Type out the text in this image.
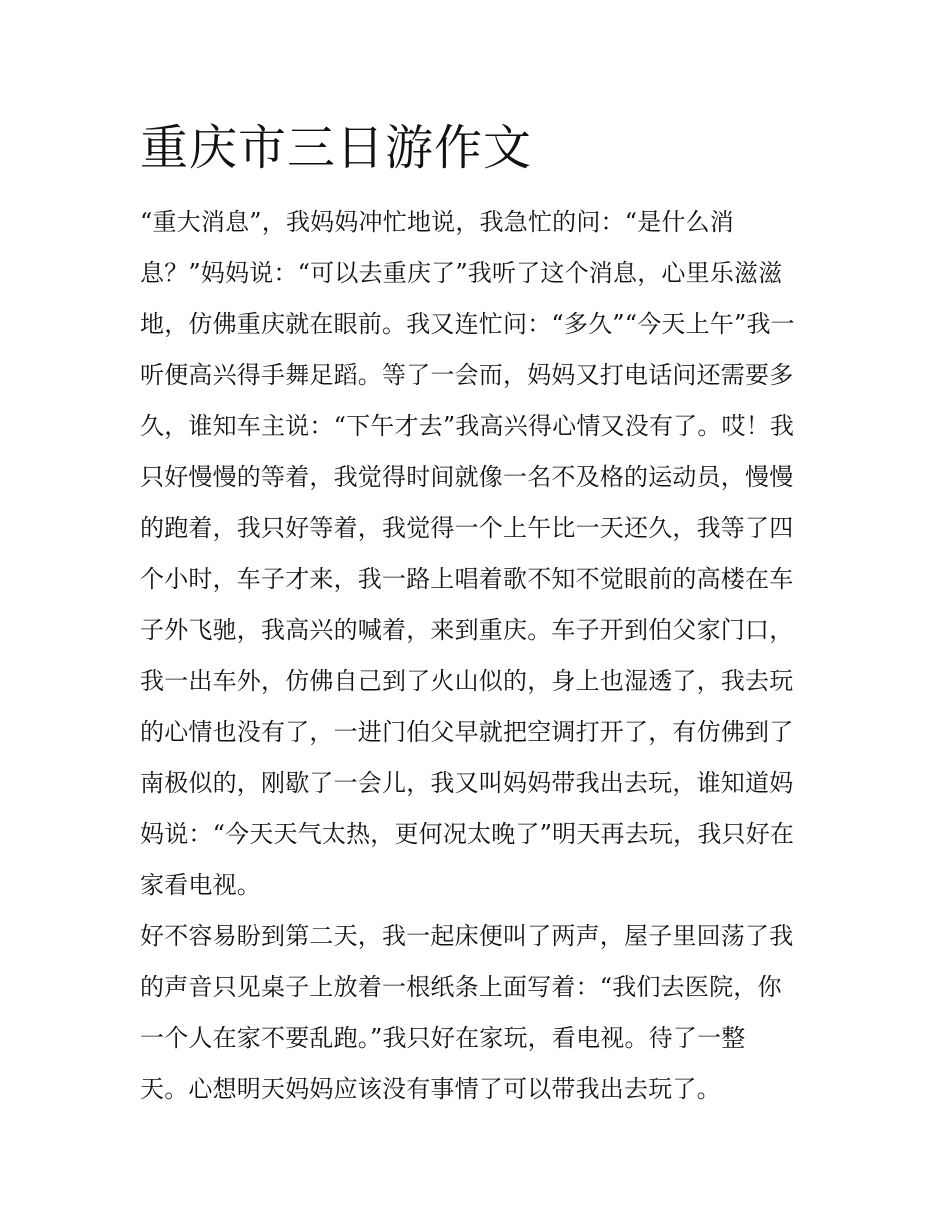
重庆市三日游作文

“重大消息”，我妈妈冲忙地说，我急忙的问：“是什么消

息？”妈妈说：“可以去重庆了”我听了这个消息，心里乐滋滋

地，仿佛重庆就在眼前。我又连忙问：“多久”“今天上午”我一

听便高兴得手舞足蹈。等了一会而，妈妈又打电话问还需要多

久，谁知车主说：“下午才去”我高兴得心情又没有了。哎！我

只好慢慢的等着，我觉得时间就像一名不及格的运动员，慢慢

的跑着，我只好等着，我觉得一个上午比一天还久，我等了四

个小时，车子才来，我一路上唱着歌不知不觉眼前的高楼在车

子外飞驰，我高兴的喊着，来到重庆。车子开到伯父家门口，

我一出车外，仿佛自己到了火山似的，身上也湿透了，我去玩

的心情也没有了，一进门伯父早就把空调打开了，有仿佛到了

南极似的，刚歇了一会儿，我又叫妈妈带我出去玩，谁知道妈

妈说：“今天天气太热，更何况太晚了”明天再去玩，我只好在

家看电视。

好不容易盼到第二天，我一起床便叫了两声，屋子里回荡了我

的声音只见桌子上放着一根纸条上面写着：“我们去医院，你

一个人在家不要乱跑。”我只好在家玩，看电视。待了一整

天。心想明天妈妈应该没有事情了可以带我出去玩了。
